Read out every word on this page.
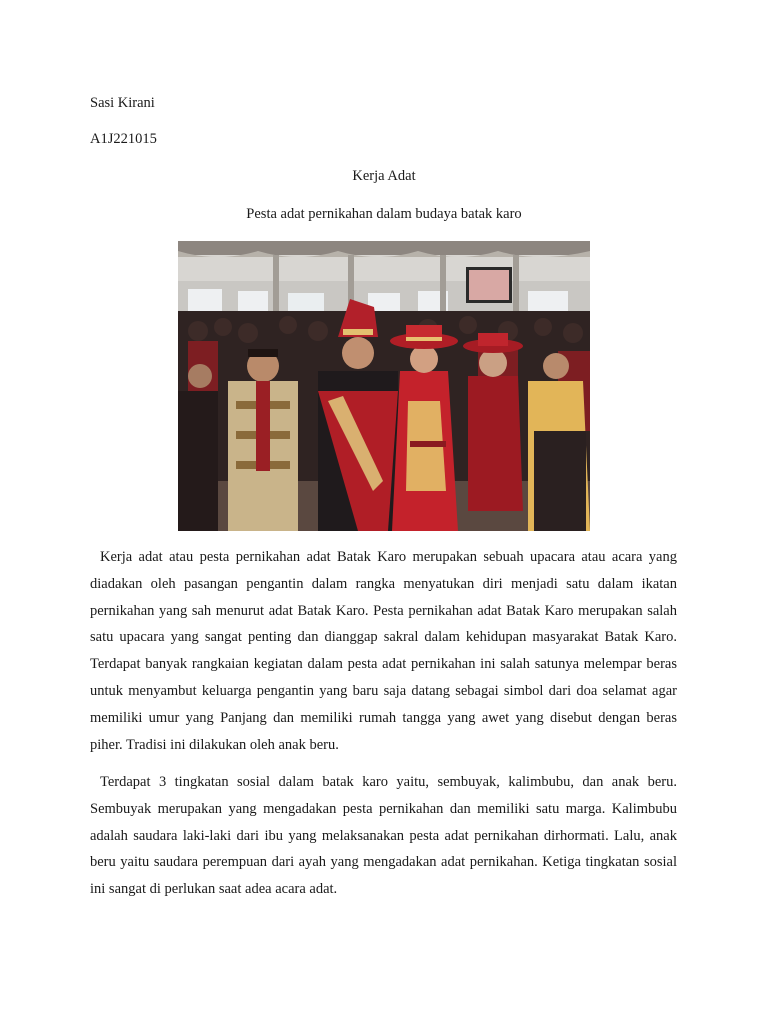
Sasi Kirani
A1J221015
Kerja Adat
Pesta adat pernikahan dalam budaya batak karo

Kerja adat atau pesta pernikahan adat Batak Karo merupakan sebuah upacara atau acara yang diadakan oleh pasangan pengantin dalam rangka menyatukan diri menjadi satu dalam ikatan pernikahan yang sah menurut adat Batak Karo. Pesta pernikahan adat Batak Karo merupakan salah satu upacara yang sangat penting dan dianggap sakral dalam kehidupan masyarakat Batak Karo. Terdapat banyak rangkaian kegiatan dalam pesta adat pernikahan ini salah satunya melempar beras untuk menyambut keluarga pengantin yang baru saja datang sebagai simbol dari doa selamat agar memiliki umur yang Panjang dan memiliki rumah tangga yang awet yang disebut dengan beras piher. Tradisi ini dilakukan oleh anak beru.

Terdapat 3 tingkatan sosial dalam batak karo yaitu, sembuyak, kalimbubu, dan anak beru. Sembuyak merupakan yang mengadakan pesta pernikahan dan memiliki satu marga. Kalimbubu adalah saudara laki-laki dari ibu yang melaksanakan pesta adat pernikahan dirhormati. Lalu, anak beru yaitu saudara perempuan dari ayah yang mengadakan adat pernikahan. Ketiga tingkatan sosial ini sangat di perlukan saat adea acara adat.
